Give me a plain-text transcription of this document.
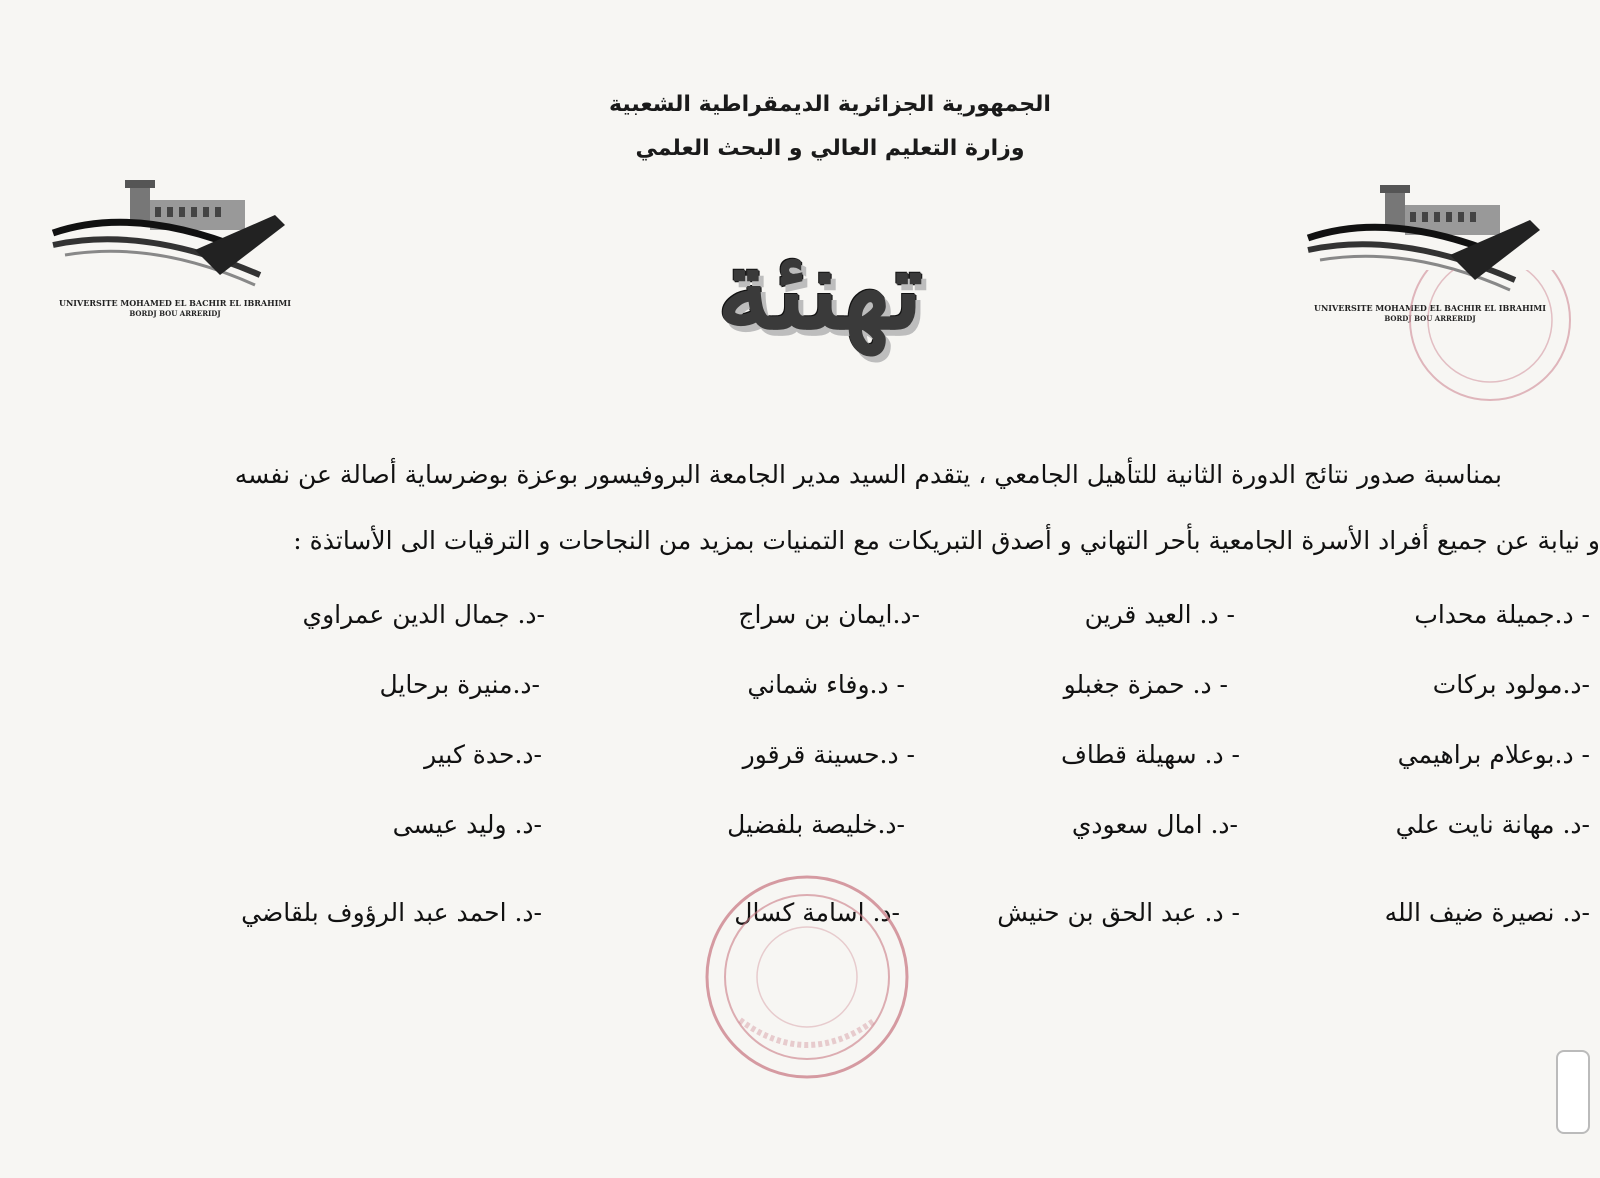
الجمهورية الجزائرية الديمقراطية الشعبية
وزارة التعليم العالي و البحث العلمي
UNIVERSITE MOHAMED EL BACHIR EL IBRAHIMI
BORDJ BOU ARRERIDJ
UNIVERSITE MOHAMED EL BACHIR EL IBRAHIMI
BORDJ BOU ARRERIDJ
تهنئة
بمناسبة صدور نتائج الدورة الثانية للتأهيل الجامعي ، يتقدم السيد مدير الجامعة البروفيسور بوعزة بوضرساية أصالة عن نفسه
و نيابة عن جميع أفراد الأسرة الجامعية بأحر التهاني و أصدق التبريكات مع التمنيات بمزيد من النجاحات و الترقيات الى الأساتذة :
- د.جميلة محداب
- د. العيد قرين
-د.ايمان بن سراج
-د. جمال الدين عمراوي
-د.مولود بركات
- د. حمزة جغبلو
- د.وفاء شماني
-د.منيرة برحايل
- د.بوعلام براهيمي
- د. سهيلة قطاف
- د.حسينة قرقور
-د.حدة كبير
-د. مهانة نايت علي
-د. امال سعودي
-د.خليصة بلفضيل
-د. وليد عيسى
-د. نصيرة ضيف الله
- د. عبد الحق بن حنيش
-د. اسامة كسال
-د. احمد عبد الرؤوف بلقاضي
